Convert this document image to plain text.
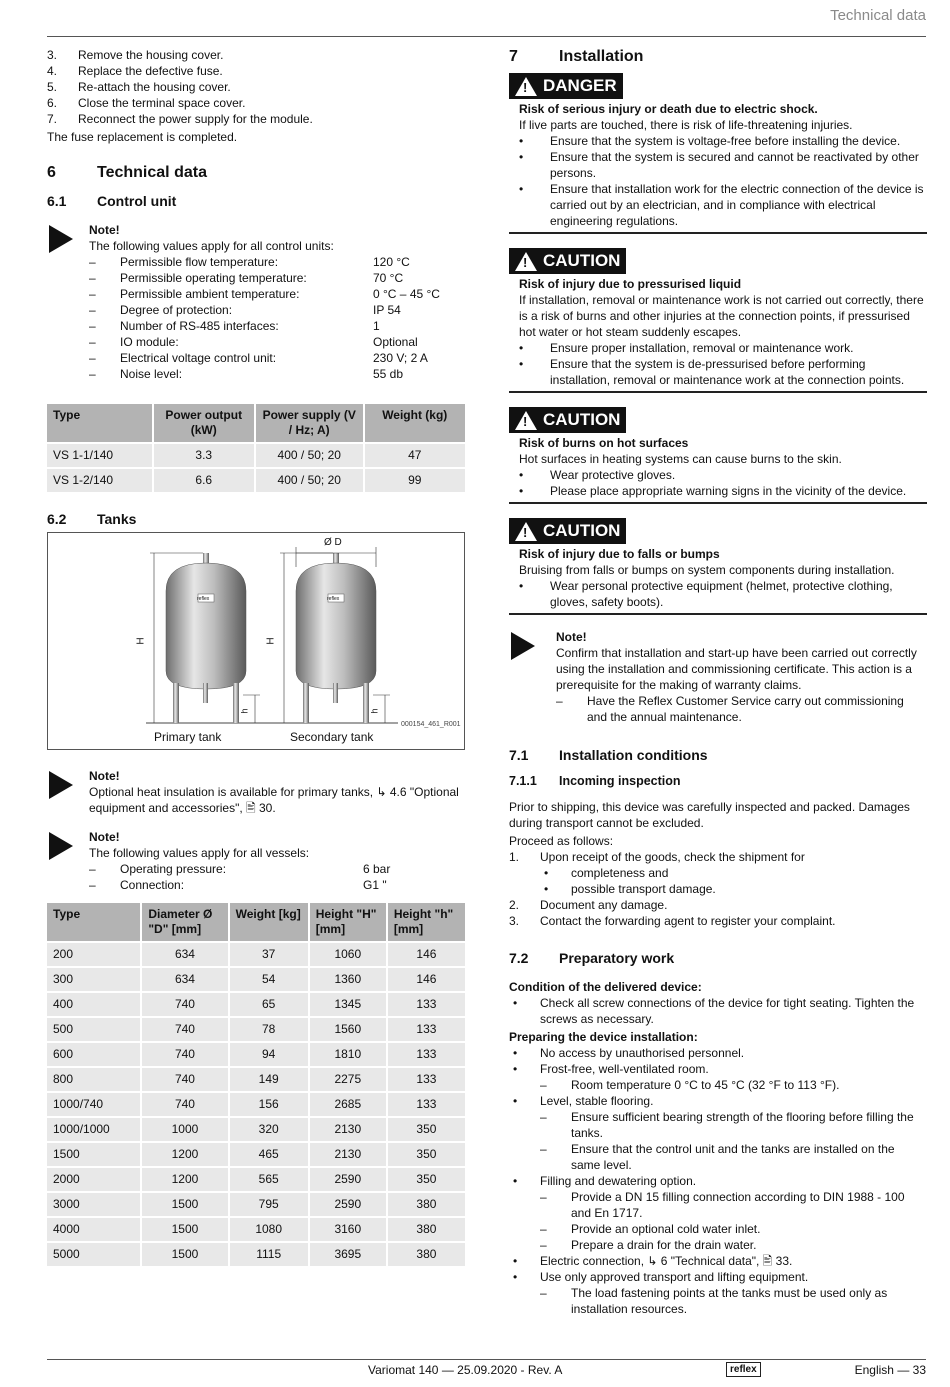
Technical data
3.	Remove the housing cover.
4.	Replace the defective fuse.
5.	Re-attach the housing cover.
6.	Close the terminal space cover.
7.	Reconnect the power supply for the module.
The fuse replacement is completed.
6	Technical data
6.1	Control unit
Note!
The following values apply for all control units:
–	Permissible flow temperature:	120 °C
–	Permissible operating temperature:	70 °C
–	Permissible ambient temperature:	0 °C – 45 °C
–	Degree of protection:	IP 54
–	Number of RS-485 interfaces:	1
–	IO module:	Optional
–	Electrical voltage control unit:	230 V; 2 A
–	Noise level:	55 db
Type	Power output (kW)	Power supply (V / Hz; A)	Weight (kg)
VS 1-1/140	3.3	400 / 50; 20	47
VS 1-2/140	6.6	400 / 50; 20	99
6.2	Tanks
Ø D
H	H
h	h
reflex	reflex
Primary tank	Secondary tank
000154_461_R001
Note!
Optional heat insulation is available for primary tanks, ↳ 4.6 "Optional equipment and accessories", 🖹 30.
Note!
The following values apply for all vessels:
–	Operating pressure:	6 bar
–	Connection:	G1 "
Type	Diameter Ø "D" [mm]	Weight [kg]	Height "H" [mm]	Height "h" [mm]
200	634	37	1060	146
300	634	54	1360	146
400	740	65	1345	133
500	740	78	1560	133
600	740	94	1810	133
800	740	149	2275	133
1000/740	740	156	2685	133
1000/1000	1000	320	2130	350
1500	1200	465	2130	350
2000	1200	565	2590	350
3000	1500	795	2590	380
4000	1500	1080	3160	380
5000	1500	1115	3695	380
7	Installation
! DANGER
Risk of serious injury or death due to electric shock.
If live parts are touched, there is risk of life-threatening injuries.
•	Ensure that the system is voltage-free before installing the device.
•	Ensure that the system is secured and cannot be reactivated by other persons.
•	Ensure that installation work for the electric connection of the device is carried out by an electrician, and in compliance with electrical engineering regulations.
! CAUTION
Risk of injury due to pressurised liquid
If installation, removal or maintenance work is not carried out correctly, there is a risk of burns and other injuries at the connection points, if pressurised hot water or hot steam suddenly escapes.
•	Ensure proper installation, removal or maintenance work.
•	Ensure that the system is de-pressurised before performing installation, removal or maintenance work at the connection points.
! CAUTION
Risk of burns on hot surfaces
Hot surfaces in heating systems can cause burns to the skin.
•	Wear protective gloves.
•	Please place appropriate warning signs in the vicinity of the device.
! CAUTION
Risk of injury due to falls or bumps
Bruising from falls or bumps on system components during installation.
•	Wear personal protective equipment (helmet, protective clothing, gloves, safety boots).
Note!
Confirm that installation and start-up have been carried out correctly using the installation and commissioning certificate. This action is a prerequisite for the making of warranty claims.
–	Have the Reflex Customer Service carry out commissioning and the annual maintenance.
7.1	Installation conditions
7.1.1	Incoming inspection
Prior to shipping, this device was carefully inspected and packed. Damages during transport cannot be excluded.
Proceed as follows:
1.	Upon receipt of the goods, check the shipment for
•	completeness and
•	possible transport damage.
2.	Document any damage.
3.	Contact the forwarding agent to register your complaint.
7.2	Preparatory work
Condition of the delivered device:
•	Check all screw connections of the device for tight seating. Tighten the screws as necessary.
Preparing the device installation:
•	No access by unauthorised personnel.
•	Frost-free, well-ventilated room.
–	Room temperature 0 °C to 45 °C (32 °F to 113 °F).
•	Level, stable flooring.
–	Ensure sufficient bearing strength of the flooring before filling the tanks.
–	Ensure that the control unit and the tanks are installed on the same level.
•	Filling and dewatering option.
–	Provide a DN 15 filling connection according to DIN 1988 - 100 and En 1717.
–	Provide an optional cold water inlet.
–	Prepare a drain for the drain water.
•	Electric connection, ↳ 6 "Technical data", 🖹 33.
•	Use only approved transport and lifting equipment.
–	The load fastening points at the tanks must be used only as installation resources.
Variomat 140 — 25.09.2020 - Rev. A	reflex	English — 33
